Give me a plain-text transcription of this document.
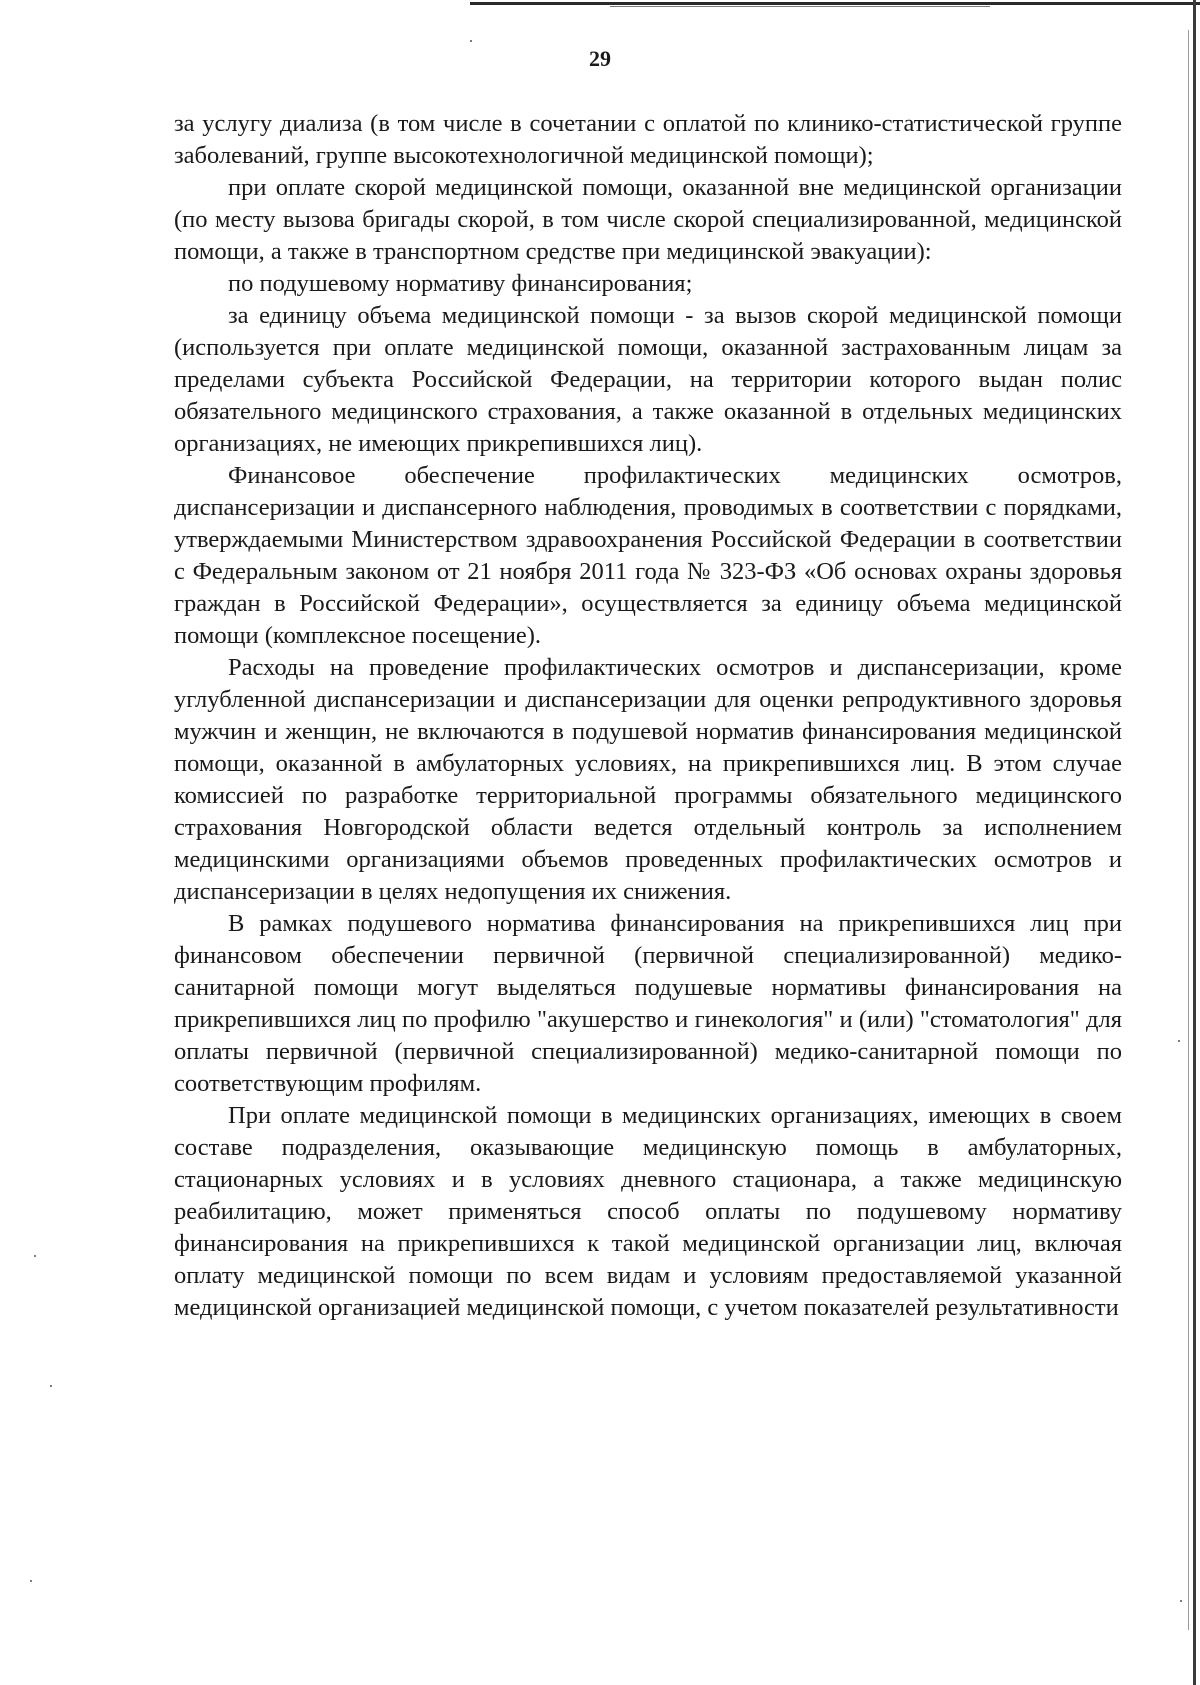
29

за услугу диализа (в том числе в сочетании с оплатой по клинико-статистической группе заболеваний, группе высокотехнологичной медицинской помощи);

при оплате скорой медицинской помощи, оказанной вне медицинской организации (по месту вызова бригады скорой, в том числе скорой специализированной, медицинской помощи, а также в транспортном средстве при медицинской эвакуации):

по подушевому нормативу финансирования;

за единицу объема медицинской помощи - за вызов скорой медицинской помощи (используется при оплате медицинской помощи, оказанной застрахованным лицам за пределами субъекта Российской Федерации, на территории которого выдан полис обязательного медицинского страхования, а также оказанной в отдельных медицинских организациях, не имеющих прикрепившихся лиц).

Финансовое обеспечение профилактических медицинских осмотров, диспансеризации и диспансерного наблюдения, проводимых в соответствии с порядками, утверждаемыми Министерством здравоохранения Российской Федерации в соответствии с Федеральным законом от 21 ноября 2011 года № 323-ФЗ «Об основах охраны здоровья граждан в Российской Федерации», осуществляется за единицу объема медицинской помощи (комплексное посещение).

Расходы на проведение профилактических осмотров и диспансеризации, кроме углубленной диспансеризации и диспансеризации для оценки репродуктивного здоровья мужчин и женщин, не включаются в подушевой норматив финансирования медицинской помощи, оказанной в амбулаторных условиях, на прикрепившихся лиц. В этом случае комиссией по разработке территориальной программы обязательного медицинского страхования Новгородской области ведется отдельный контроль за исполнением медицинскими организациями объемов проведенных профилактических осмотров и диспансеризации в целях недопущения их снижения.

В рамках подушевого норматива финансирования на прикрепившихся лиц при финансовом обеспечении первичной (первичной специализированной) медико-санитарной помощи могут выделяться подушевые нормативы финансирования на прикрепившихся лиц по профилю "акушерство и гинекология" и (или) "стоматология" для оплаты первичной (первичной специализированной) медико-санитарной помощи по соответствующим профилям.

При оплате медицинской помощи в медицинских организациях, имеющих в своем составе подразделения, оказывающие медицинскую помощь в амбулаторных, стационарных условиях и в условиях дневного стационара, а также медицинскую реабилитацию, может применяться способ оплаты по подушевому нормативу финансирования на прикрепившихся к такой медицинской организации лиц, включая оплату медицинской помощи по всем видам и условиям предоставляемой указанной медицинской организацией медицинской помощи, с учетом показателей результативности
